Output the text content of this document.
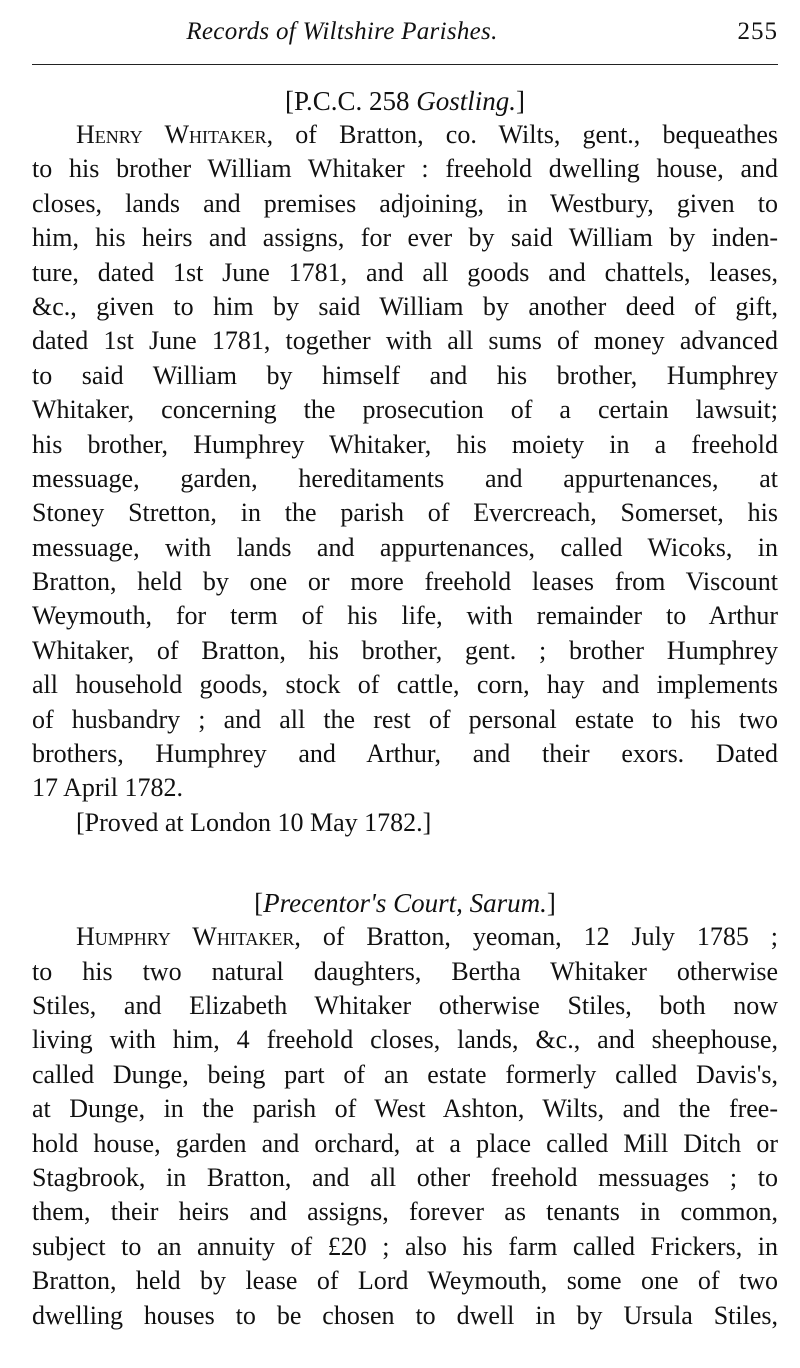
Records of Wiltshire Parishes.	255
[P.C.C. 258 Gostling.]
Henry Whitaker, of Bratton, co. Wilts, gent., bequeathes
to his brother William Whitaker : freehold dwelling house, and
closes, lands and premises adjoining, in Westbury, given to
him, his heirs and assigns, for ever by said William by inden-
ture, dated 1st June 1781, and all goods and chattels, leases,
&c., given to him by said William by another deed of gift,
dated 1st June 1781, together with all sums of money advanced
to said William by himself and his brother, Humphrey
Whitaker, concerning the prosecution of a certain lawsuit;
his brother, Humphrey Whitaker, his moiety in a freehold
messuage, garden, hereditaments and appurtenances, at
Stoney Stretton, in the parish of Evercreach, Somerset, his
messuage, with lands and appurtenances, called Wicoks, in
Bratton, held by one or more freehold leases from Viscount
Weymouth, for term of his life, with remainder to Arthur
Whitaker, of Bratton, his brother, gent. ; brother Humphrey
all household goods, stock of cattle, corn, hay and implements
of husbandry ; and all the rest of personal estate to his two
brothers, Humphrey and Arthur, and their exors. Dated
17 April 1782.
[Proved at London 10 May 1782.]
[Precentor's Court, Sarum.]
Humphry Whitaker, of Bratton, yeoman, 12 July 1785 ;
to his two natural daughters, Bertha Whitaker otherwise
Stiles, and Elizabeth Whitaker otherwise Stiles, both now
living with him, 4 freehold closes, lands, &c., and sheephouse,
called Dunge, being part of an estate formerly called Davis's,
at Dunge, in the parish of West Ashton, Wilts, and the free-
hold house, garden and orchard, at a place called Mill Ditch or
Stagbrook, in Bratton, and all other freehold messuages ; to
them, their heirs and assigns, forever as tenants in common,
subject to an annuity of £20 ; also his farm called Frickers, in
Bratton, held by lease of Lord Weymouth, some one of two
dwelling houses to be chosen to dwell in by Ursula Stiles,
